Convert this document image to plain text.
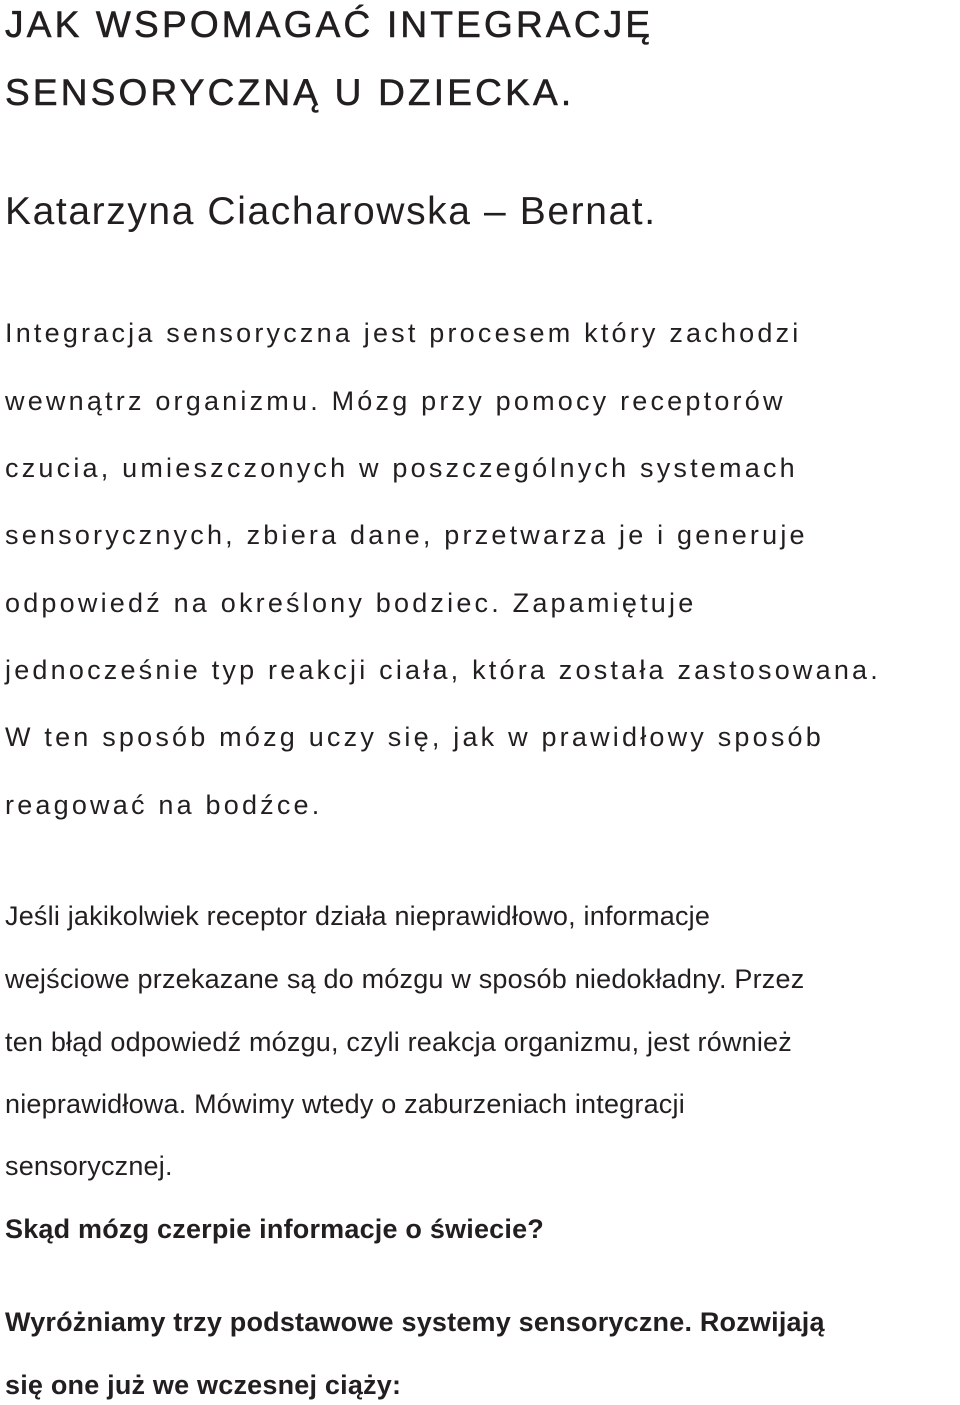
JAK WSPOMAGAĆ INTEGRACJĘ
SENSORYCZNĄ U DZIECKA.

Katarzyna Ciacharowska – Bernat.

Integracja sensoryczna jest procesem który zachodzi

wewnątrz organizmu. Mózg przy pomocy receptorów

czucia, umieszczonych w poszczególnych systemach

sensorycznych, zbiera dane, przetwarza je i generuje

odpowiedź na określony bodziec. Zapamiętuje

jednocześnie typ reakcji ciała, która została zastosowana.

W ten sposób mózg uczy się, jak w prawidłowy sposób

reagować na bodźce.

Jeśli jakikolwiek receptor działa nieprawidłowo, informacje

wejściowe przekazane są do mózgu w sposób niedokładny. Przez

ten błąd odpowiedź mózgu, czyli reakcja organizmu, jest również

nieprawidłowa. Mówimy wtedy o zaburzeniach integracji

sensorycznej.

Skąd mózg czerpie informacje o świecie?

Wyróżniamy trzy podstawowe systemy sensoryczne. Rozwijają

się one już we wczesnej ciąży:
